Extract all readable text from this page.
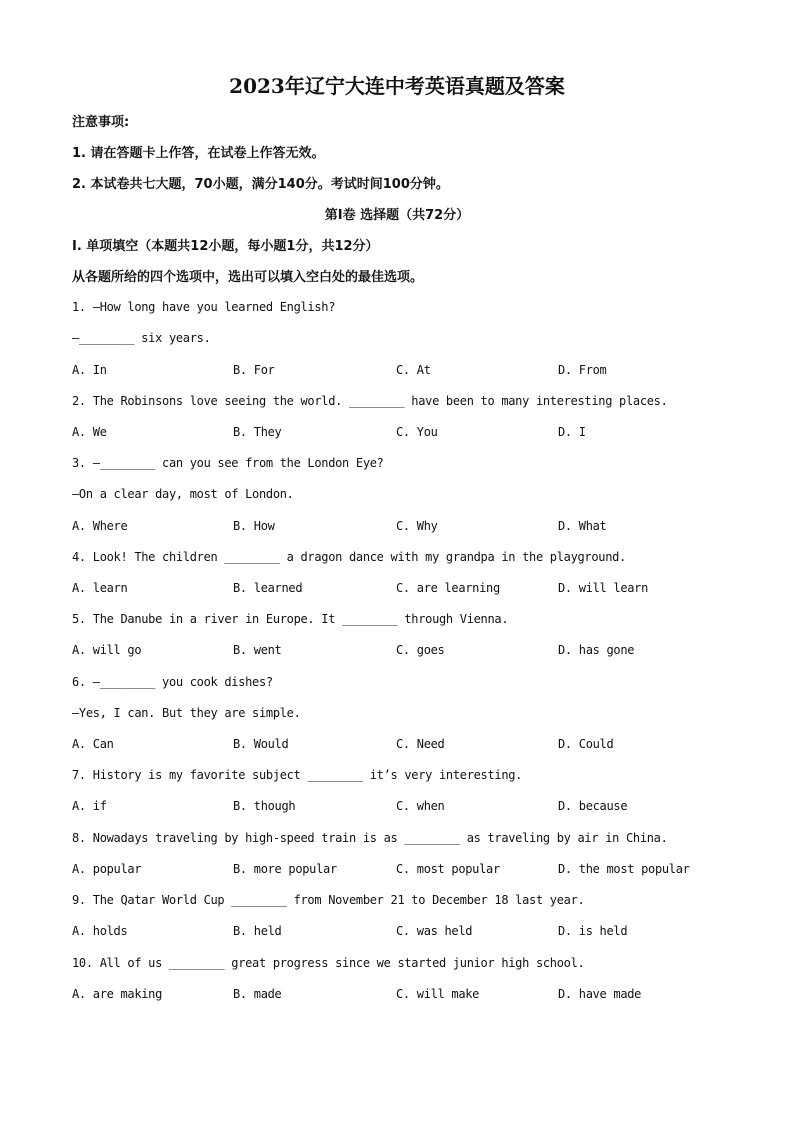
2023年辽宁大连中考英语真题及答案
注意事项:
1. 请在答题卡上作答，在试卷上作答无效。
2. 本试卷共七大题，70小题，满分140分。考试时间100分钟。
第Ⅰ卷 选择题（共72分）
Ⅰ. 单项填空（本题共12小题，每小题1分，共12分）
从各题所给的四个选项中，选出可以填入空白处的最佳选项。
1. —How long have you learned English?
—________ six years.
A. In	B. For	C. At	D. From
2. The Robinsons love seeing the world. ________ have been to many interesting places.
A. We	B. They	C. You	D. I
3. —________ can you see from the London Eye?
—On a clear day, most of London.
A. Where	B. How	C. Why	D. What
4. Look! The children ________ a dragon dance with my grandpa in the playground.
A. learn	B. learned	C. are learning	D. will learn
5. The Danube in a river in Europe. It ________ through Vienna.
A. will go	B. went	C. goes	D. has gone
6. —________ you cook dishes?
—Yes, I can. But they are simple.
A. Can	B. Would	C. Need	D. Could
7. History is my favorite subject ________ it’s very interesting.
A. if	B. though	C. when	D. because
8. Nowadays traveling by high-speed train is as ________ as traveling by air in China.
A. popular	B. more popular	C. most popular	D. the most popular
9. The Qatar World Cup ________ from November 21 to December 18 last year.
A. holds	B. held	C. was held	D. is held
10. All of us ________ great progress since we started junior high school.
A. are making	B. made	C. will make	D. have made
